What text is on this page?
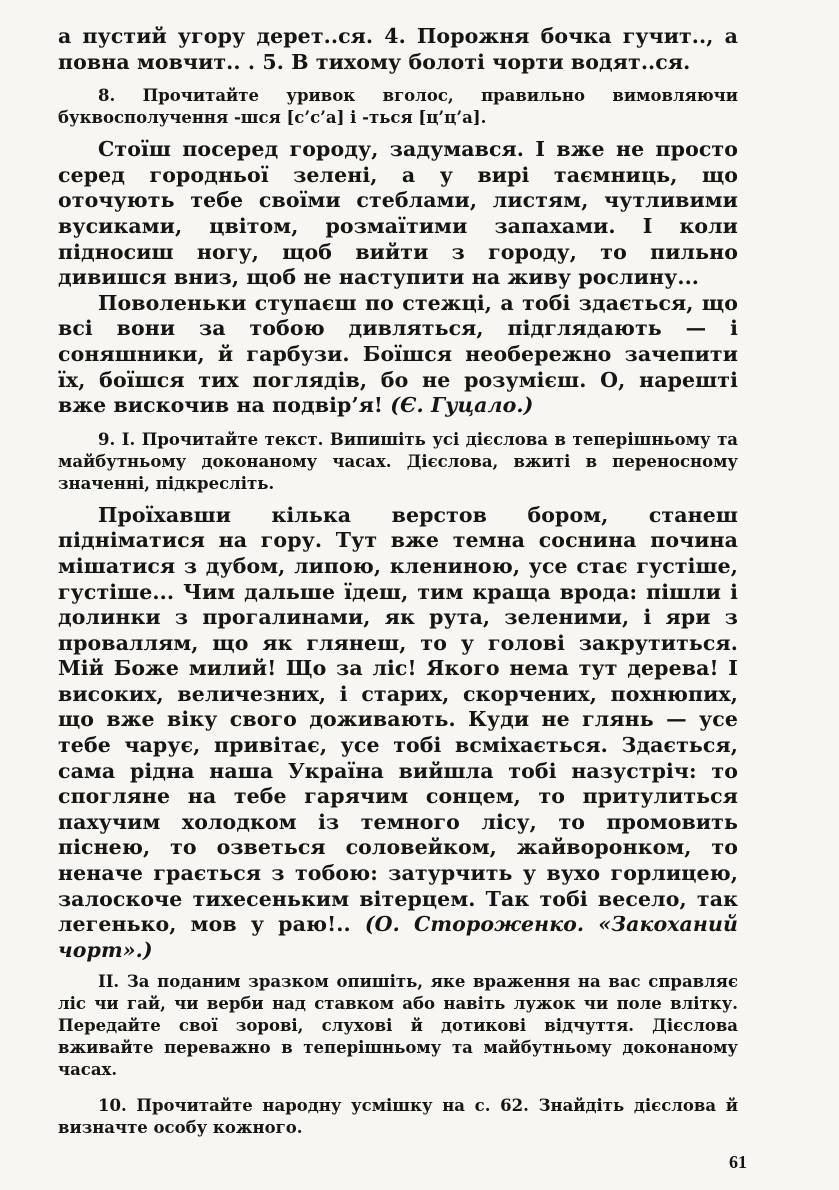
а пустий угору дерет..ся. 4. Порожня бочка гучит.., а повна мовчит.. . 5. В тихому болоті чорти водят..ся.

8. Прочитайте уривок вголос, правильно вимовляючи буквосполучення -шся [с’с’а] і -ться [ц’ц’а].

Стоїш посеред городу, задумався. І вже не просто серед городньої зелені, а у вирі таємниць, що оточують тебе своїми стеблами, листям, чутливими вусиками, цвітом, розмаїтими запахами. І коли підносиш ногу, щоб вийти з городу, то пильно дивишся вниз, щоб не наступити на живу рослину...

Поволеньки ступаєш по стежці, а тобі здається, що всі вони за тобою дивляться, підглядають — і соняшники, й гарбузи. Боїшся необережно зачепити їх, боїшся тих поглядів, бо не розумієш. О, нарешті вже вискочив на подвір’я! (Є. Гуцало.)

9. І. Прочитайте текст. Випишіть усі дієслова в теперішньому та майбутньому доконаному часах. Дієслова, вжиті в переносному значенні, підкресліть.

Проїхавши кілька верстов бором, станеш підніматися на гору. Тут вже темна соснина почина мішатися з дубом, липою, клениною, усе стає густіше, густіше... Чим дальше їдеш, тим краща врода: пішли і долинки з прогалинами, як рута, зеленими, і яри з проваллям, що як глянеш, то у голові закрутиться. Мій Боже милий! Що за ліс! Якого нема тут дерева! І високих, величезних, і старих, скорчених, похнюпих, що вже віку свого доживають. Куди не глянь — усе тебе чарує, привітає, усе тобі всміхається. Здається, сама рідна наша Україна вийшла тобі назустріч: то спогляне на тебе гарячим сонцем, то притулиться пахучим холодком із темного лісу, то промовить піснею, то озветься соловейком, жайворонком, то неначе грається з тобою: затурчить у вухо горлицею, залоскоче тихесеньким вітерцем. Так тобі весело, так легенько, мов у раю!.. (О. Стороженко. «Закоханий чорт».)

ІІ. За поданим зразком опишіть, яке враження на вас справляє ліс чи гай, чи верби над ставком або навіть лужок чи поле влітку. Передайте свої зорові, слухові й дотикові відчуття. Дієслова вживайте переважно в теперішньому та майбутньому доконаному часах.

10. Прочитайте народну усмішку на с. 62. Знайдіть дієслова й визначте особу кожного.

61
